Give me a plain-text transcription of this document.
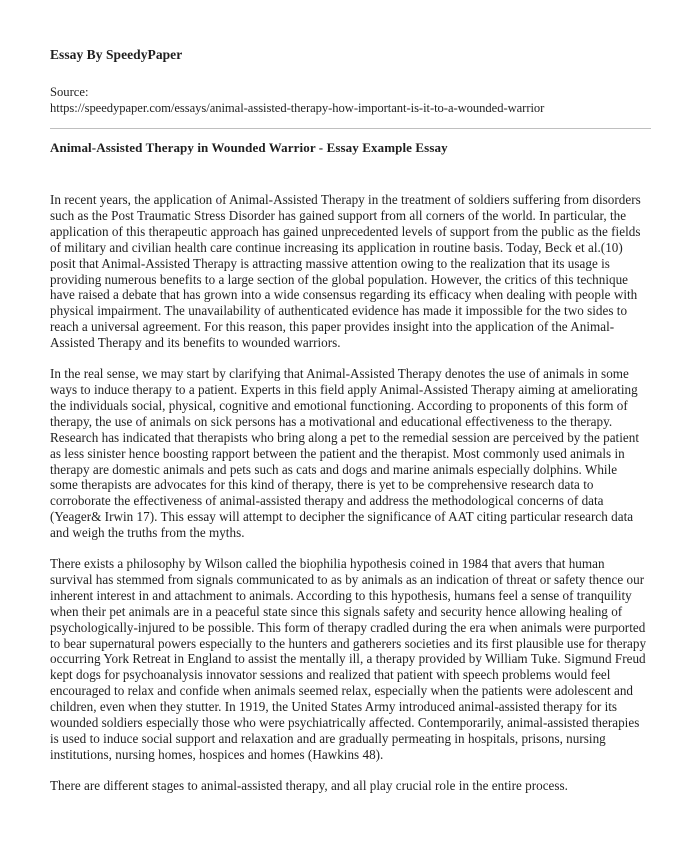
Essay By SpeedyPaper
Source:
https://speedypaper.com/essays/animal-assisted-therapy-how-important-is-it-to-a-wounded-warrior
Animal-Assisted Therapy in Wounded Warrior - Essay Example Essay

In recent years, the application of Animal-Assisted Therapy in the treatment of soldiers suffering from disorders such as the Post Traumatic Stress Disorder has gained support from all corners of the world. In particular, the application of this therapeutic approach has gained unprecedented levels of support from the public as the fields of military and civilian health care continue increasing its application in routine basis. Today, Beck et al.(10) posit that Animal-Assisted Therapy is attracting massive attention owing to the realization that its usage is providing numerous benefits to a large section of the global population. However, the critics of this technique have raised a debate that has grown into a wide consensus regarding its efficacy when dealing with people with physical impairment. The unavailability of authenticated evidence has made it impossible for the two sides to reach a universal agreement. For this reason, this paper provides insight into the application of the Animal-Assisted Therapy and its benefits to wounded warriors.

In the real sense, we may start by clarifying that Animal-Assisted Therapy denotes the use of animals in some ways to induce therapy to a patient. Experts in this field apply Animal-Assisted Therapy aiming at ameliorating the individuals social, physical, cognitive and emotional functioning. According to proponents of this form of therapy, the use of animals on sick persons has a motivational and educational effectiveness to the therapy. Research has indicated that therapists who bring along a pet to the remedial session are perceived by the patient as less sinister hence boosting rapport between the patient and the therapist. Most commonly used animals in therapy are domestic animals and pets such as cats and dogs and marine animals especially dolphins. While some therapists are advocates for this kind of therapy, there is yet to be comprehensive research data to corroborate the effectiveness of animal-assisted therapy and address the methodological concerns of data (Yeager& Irwin 17). This essay will attempt to decipher the significance of AAT citing particular research data and weigh the truths from the myths.

There exists a philosophy by Wilson called the biophilia hypothesis coined in 1984 that avers that human survival has stemmed from signals communicated to as by animals as an indication of threat or safety thence our inherent interest in and attachment to animals. According to this hypothesis, humans feel a sense of tranquility when their pet animals are in a peaceful state since this signals safety and security hence allowing healing of psychologically-injured to be possible. This form of therapy cradled during the era when animals were purported to bear supernatural powers especially to the hunters and gatherers societies and its first plausible use for therapy occurring York Retreat in England to assist the mentally ill, a therapy provided by William Tuke. Sigmund Freud kept dogs for psychoanalysis innovator sessions and realized that patient with speech problems would feel encouraged to relax and confide when animals seemed relax, especially when the patients were adolescent and children, even when they stutter. In 1919, the United States Army introduced animal-assisted therapy for its wounded soldiers especially those who were psychiatrically affected. Contemporarily, animal-assisted therapies is used to induce social support and relaxation and are gradually permeating in hospitals, prisons, nursing institutions, nursing homes, hospices and homes (Hawkins 48).

There are different stages to animal-assisted therapy, and all play crucial role in the entire process.
